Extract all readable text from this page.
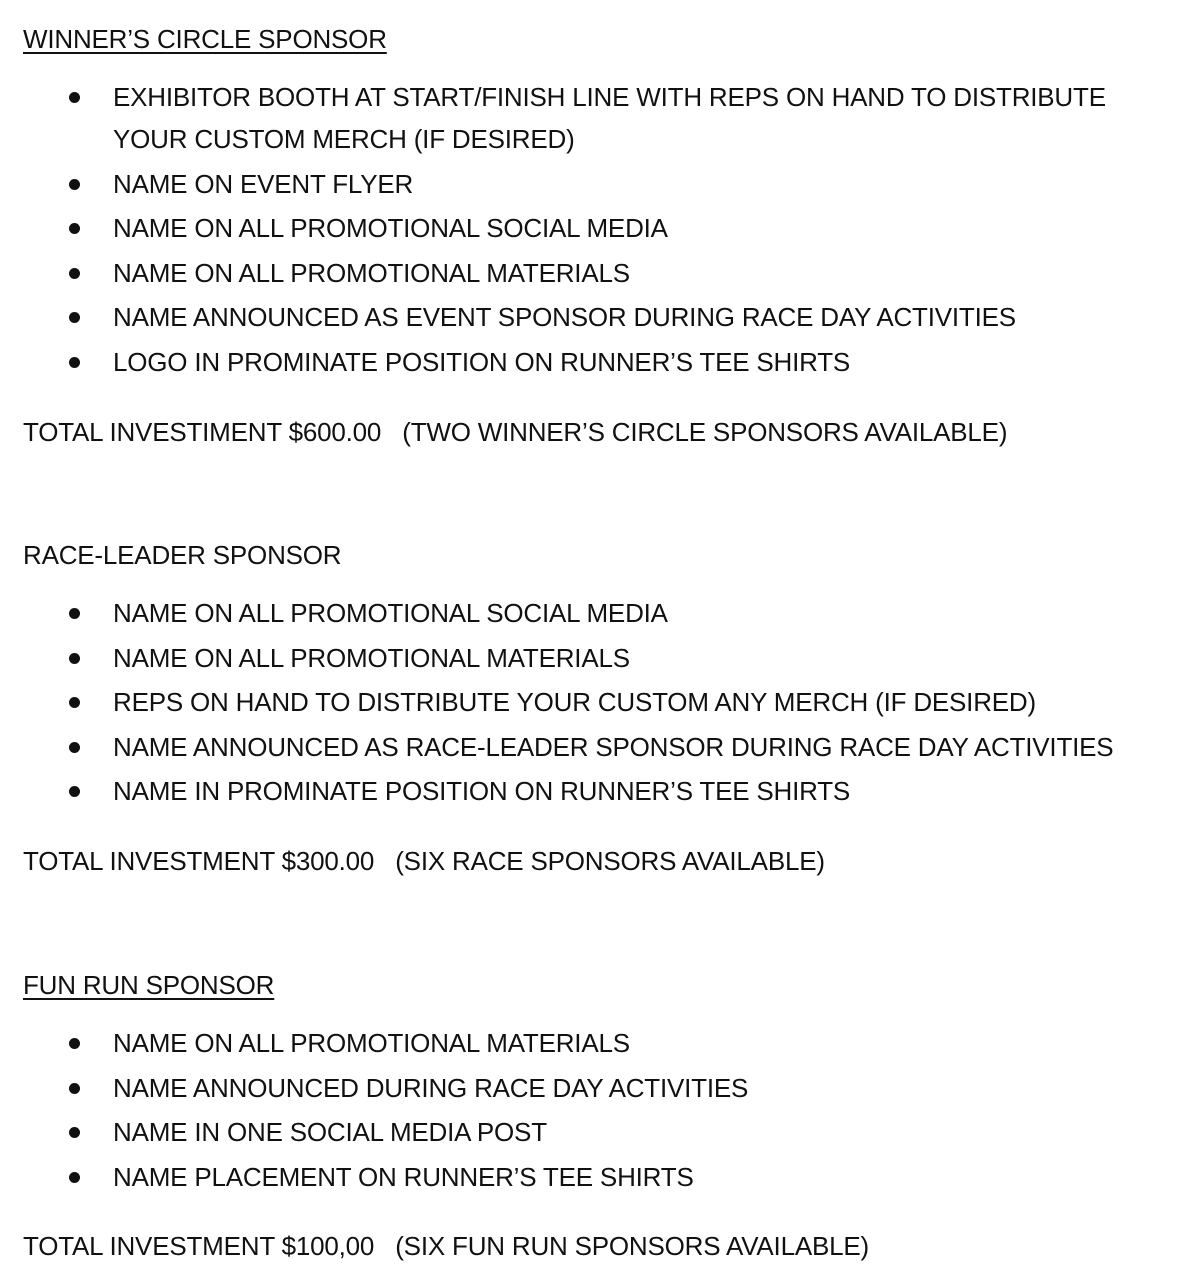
WINNER’S CIRCLE SPONSOR
EXHIBITOR BOOTH AT START/FINISH LINE WITH REPS ON HAND TO DISTRIBUTE YOUR CUSTOM MERCH (IF DESIRED)
NAME ON EVENT FLYER
NAME ON ALL PROMOTIONAL SOCIAL MEDIA
NAME ON ALL PROMOTIONAL MATERIALS
NAME ANNOUNCED AS EVENT SPONSOR DURING RACE DAY ACTIVITIES
LOGO IN PROMINATE POSITION ON RUNNER’S TEE SHIRTS

TOTAL INVESTIMENT $600.00   (TWO WINNER’S CIRCLE SPONSORS AVAILABLE)

RACE-LEADER SPONSOR
NAME ON ALL PROMOTIONAL SOCIAL MEDIA
NAME ON ALL PROMOTIONAL MATERIALS
REPS ON HAND TO DISTRIBUTE YOUR CUSTOM ANY MERCH (IF DESIRED)
NAME ANNOUNCED AS RACE-LEADER SPONSOR DURING RACE DAY ACTIVITIES
NAME IN PROMINATE POSITION ON RUNNER’S TEE SHIRTS

TOTAL INVESTMENT $300.00   (SIX RACE SPONSORS AVAILABLE)

FUN RUN SPONSOR
NAME ON ALL PROMOTIONAL MATERIALS
NAME ANNOUNCED DURING RACE DAY ACTIVITIES
NAME IN ONE SOCIAL MEDIA POST
NAME PLACEMENT ON RUNNER’S TEE SHIRTS

TOTAL INVESTMENT $100,00   (SIX FUN RUN SPONSORS AVAILABLE)
